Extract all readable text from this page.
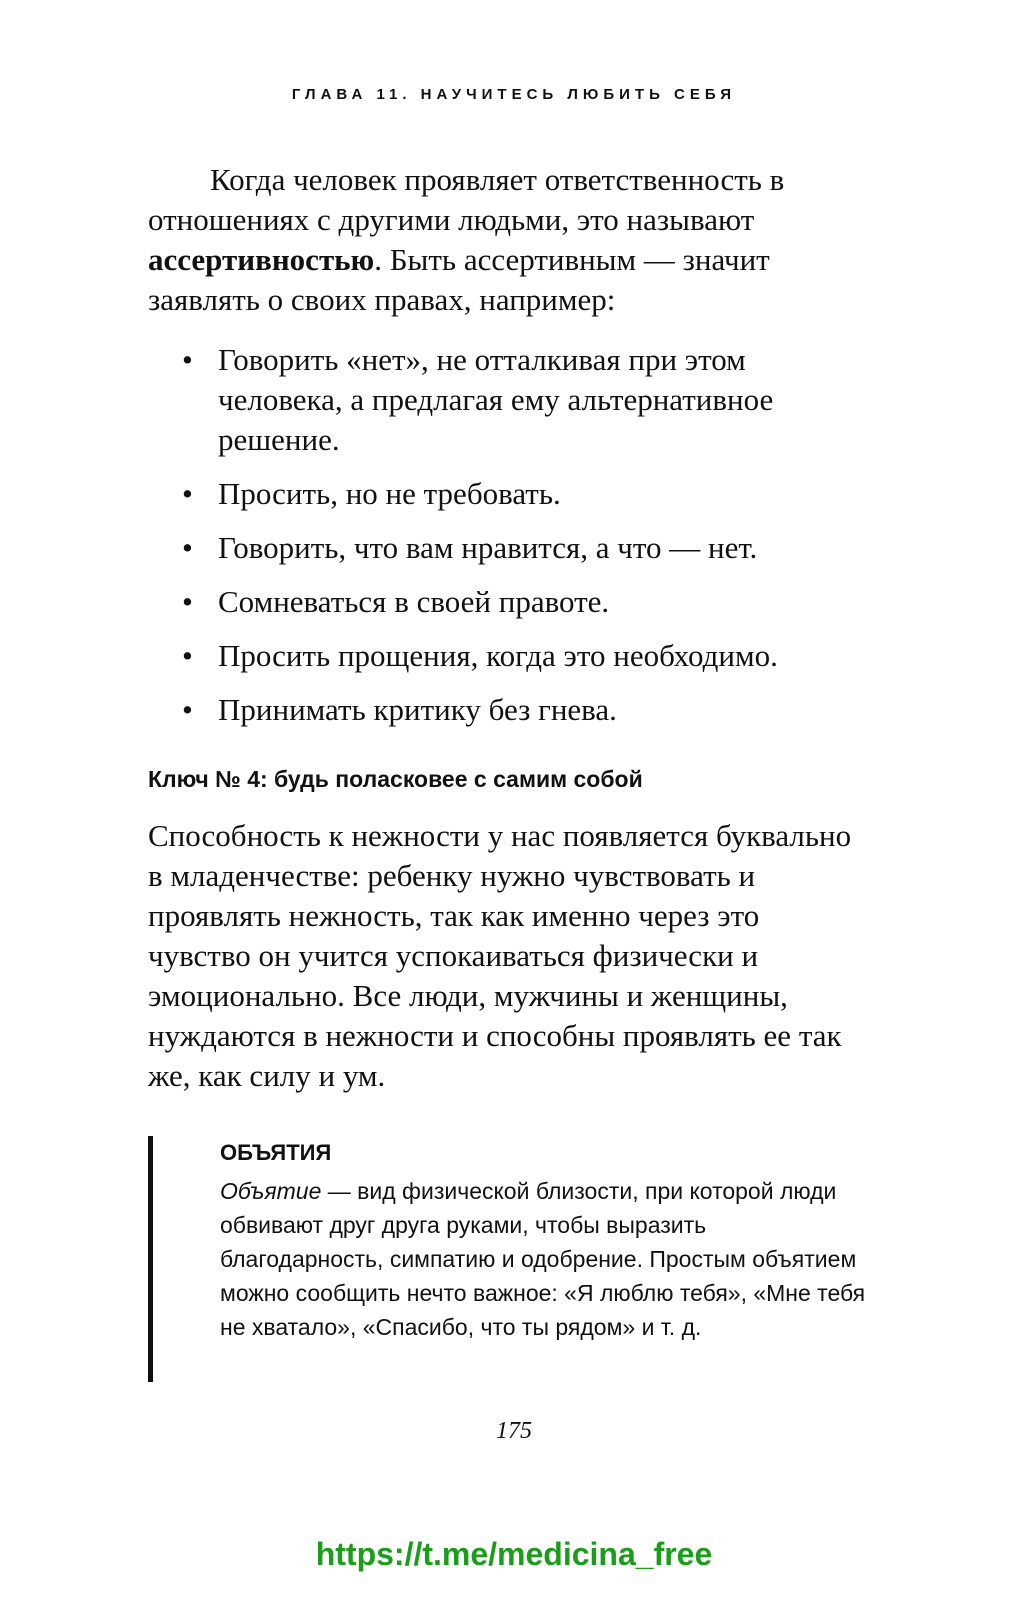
ГЛАВА 11. НАУЧИТЕСЬ ЛЮБИТЬ СЕБЯ

Когда человек проявляет ответственность в отношениях с другими людьми, это называют ассертивностью. Быть ассертивным — значит заявлять о своих правах, например:

• Говорить «нет», не отталкивая при этом человека, а предлагая ему альтернативное решение.
• Просить, но не требовать.
• Говорить, что вам нравится, а что — нет.
• Сомневаться в своей правоте.
• Просить прощения, когда это необходимо.
• Принимать критику без гнева.
Ключ № 4: будь поласковее с самим собой

Способность к нежности у нас появляется буквально в младенчестве: ребенку нужно чувствовать и проявлять нежность, так как именно через это чувство он учится успокаиваться физически и эмоционально. Все люди, мужчины и женщины, нуждаются в нежности и способны проявлять ее так же, как силу и ум.

ОБЪЯТИЯ

Объятие — вид физической близости, при которой люди обвивают друг друга руками, чтобы выразить благодарность, симпатию и одобрение. Простым объятием можно сообщить нечто важное: «Я люблю тебя», «Мне тебя не хватало», «Спасибо, что ты рядом» и т. д.

175
https://t.me/medicina_free
